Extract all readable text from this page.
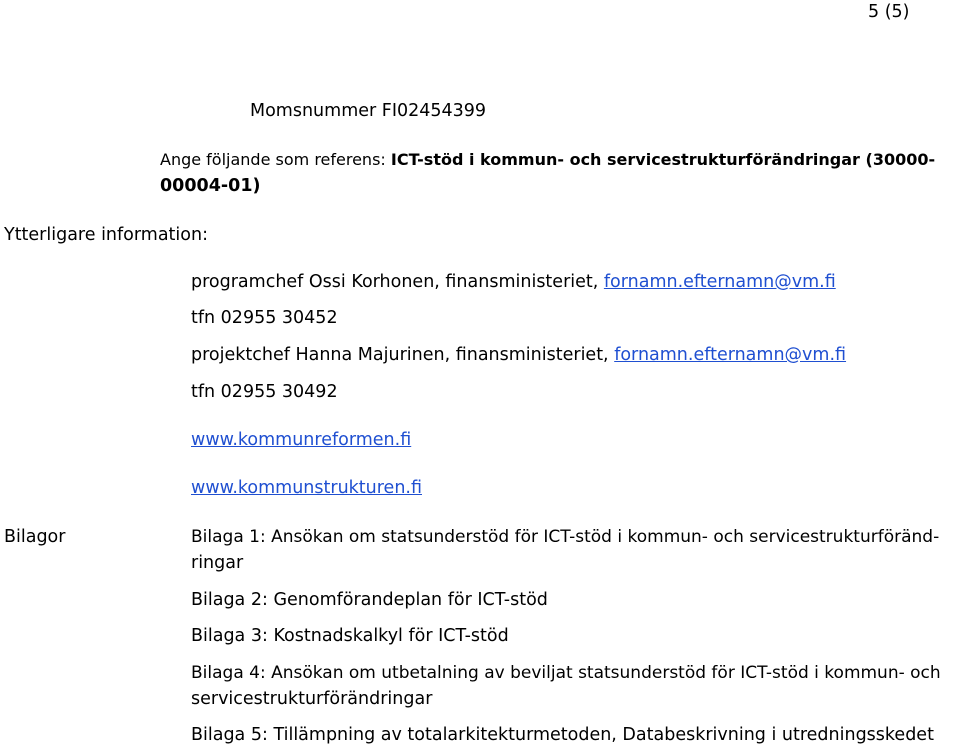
5 (5)
Momsnummer FI02454399
Ange följande som referens: ICT-stöd i kommun- och servicestrukturförändringar (30000-
00004-01)
Ytterligare information:
programchef Ossi Korhonen, finansministeriet, fornamn.efternamn@vm.fi
tfn 02955 30452
projektchef Hanna Majurinen, finansministeriet, fornamn.efternamn@vm.fi
tfn 02955 30492
www.kommunreformen.fi
www.kommunstrukturen.fi
Bilagor	Bilaga 1: Ansökan om statsunderstöd för ICT-stöd i kommun- och servicestrukturföränd-
ringar
Bilaga 2: Genomförandeplan för ICT-stöd
Bilaga 3: Kostnadskalkyl för ICT-stöd
Bilaga 4: Ansökan om utbetalning av beviljat statsunderstöd för ICT-stöd i kommun- och
servicestrukturförändringar
Bilaga 5: Tillämpning av totalarkitekturmetoden, Databeskrivning i utredningsskedet
